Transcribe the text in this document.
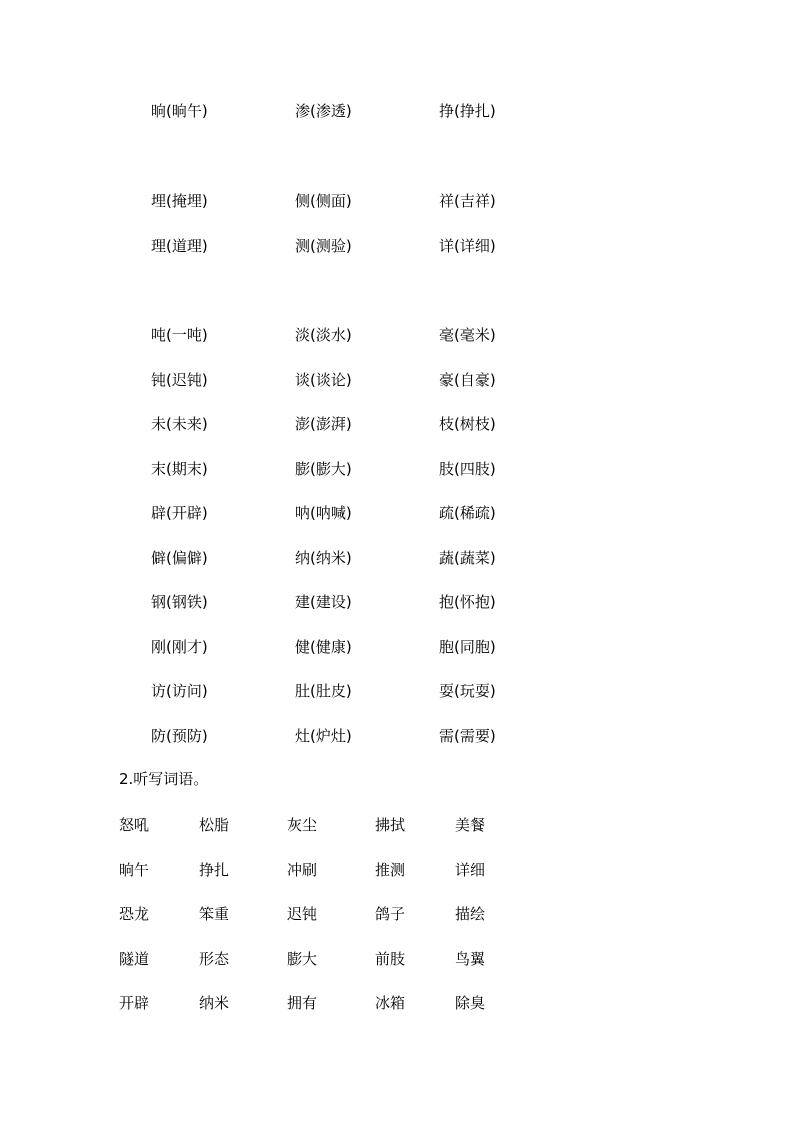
晌(晌午)	渗(渗透)	挣(挣扎)
埋(掩埋)	侧(侧面)	祥(吉祥)
理(道理)	测(测验)	详(详细)
吨(一吨)	淡(淡水)	毫(毫米)
钝(迟钝)	谈(谈论)	豪(自豪)
未(未来)	澎(澎湃)	枝(树枝)
末(期末)	膨(膨大)	肢(四肢)
辟(开辟)	呐(呐喊)	疏(稀疏)
僻(偏僻)	纳(纳米)	蔬(蔬菜)
钢(钢铁)	建(建设)	抱(怀抱)
刚(刚才)	健(健康)	胞(同胞)
访(访问)	肚(肚皮)	耍(玩耍)
防(预防)	灶(炉灶)	需(需要)
2.听写词语。
怒吼	松脂	灰尘	拂拭	美餐
晌午	挣扎	冲刷	推测	详细
恐龙	笨重	迟钝	鸽子	描绘
隧道	形态	膨大	前肢	鸟翼
开辟	纳米	拥有	冰箱	除臭
